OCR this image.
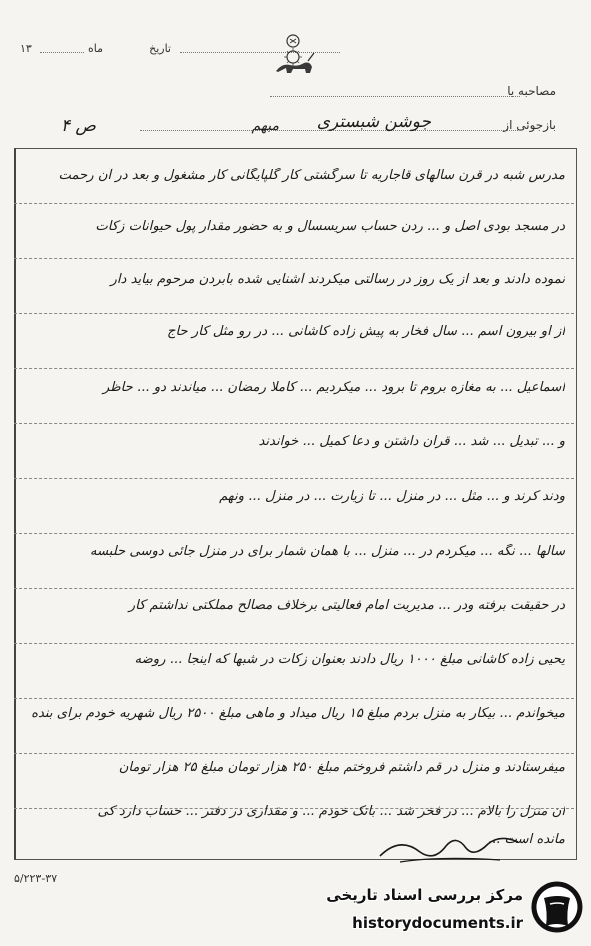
تاریخ
ماه
۱۳
مصاحبه با
بازجوئی از
جوشن شبستری
مبهم
ص ۴
مدرس شبه در قرن سالهای قاجاریه تا سرگشتی کار گلپایگانی کار مشغول و بعد در آن رحمت
در مسجد بودی اصل و ... ردن حساب سریسسال و به حضور مقدار پول حیوانات زکات
نموده دادند و بعد از یک روز در رسالتی میکردند آشنایی شده بابردن مرحوم بیاید دار
از او بیرون اسم ... سال فخار به پیش زاده کاشانی ... در رو مثل کار حاج
اسماعیل ... به مغازه بروم تا برود ... میکردیم ... کاملا رمضان ... میاندند دو ... حاظر
و ... تبدیل ... شد ... قران داشتن و دعا کمیل ... خواندند
ودند کرند و ... مثل ... در منزل ... تا زیارت ... در منزل ... ونهم
سالها ... نگه ... میکردم در ... منزل ... با همان شمار برای در منزل جائی دوسی حلبسه
در حقیقت برفته ودر ... مدیریت امام فعالیتی برخلاف مصالح مملکتی نداشتم کار
یحیی زاده کاشانی مبلغ ۱۰۰۰ ریال دادند بعنوان زکات در شبها که اینجا ... روضه
میخواندم ... بیکار به منزل بردم مبلغ ۱۵ ریال میداد و ماهی مبلغ ۲۵۰۰ ریال شهریه خودم برای بنده
میفرستادند و منزل در قم داشتم فروختم مبلغ ۲۵۰ هزار تومان مبلغ ۲۵ هزار تومان
آن منزل را بالام ... در فخر شد ... باتک خودم ... و مقداری در دفتر ... حساب دارد کی
مانده است ...
۵/۲۲۳-۳۷
مرکز بررسی اسناد تاریخی
historydocuments.ir
